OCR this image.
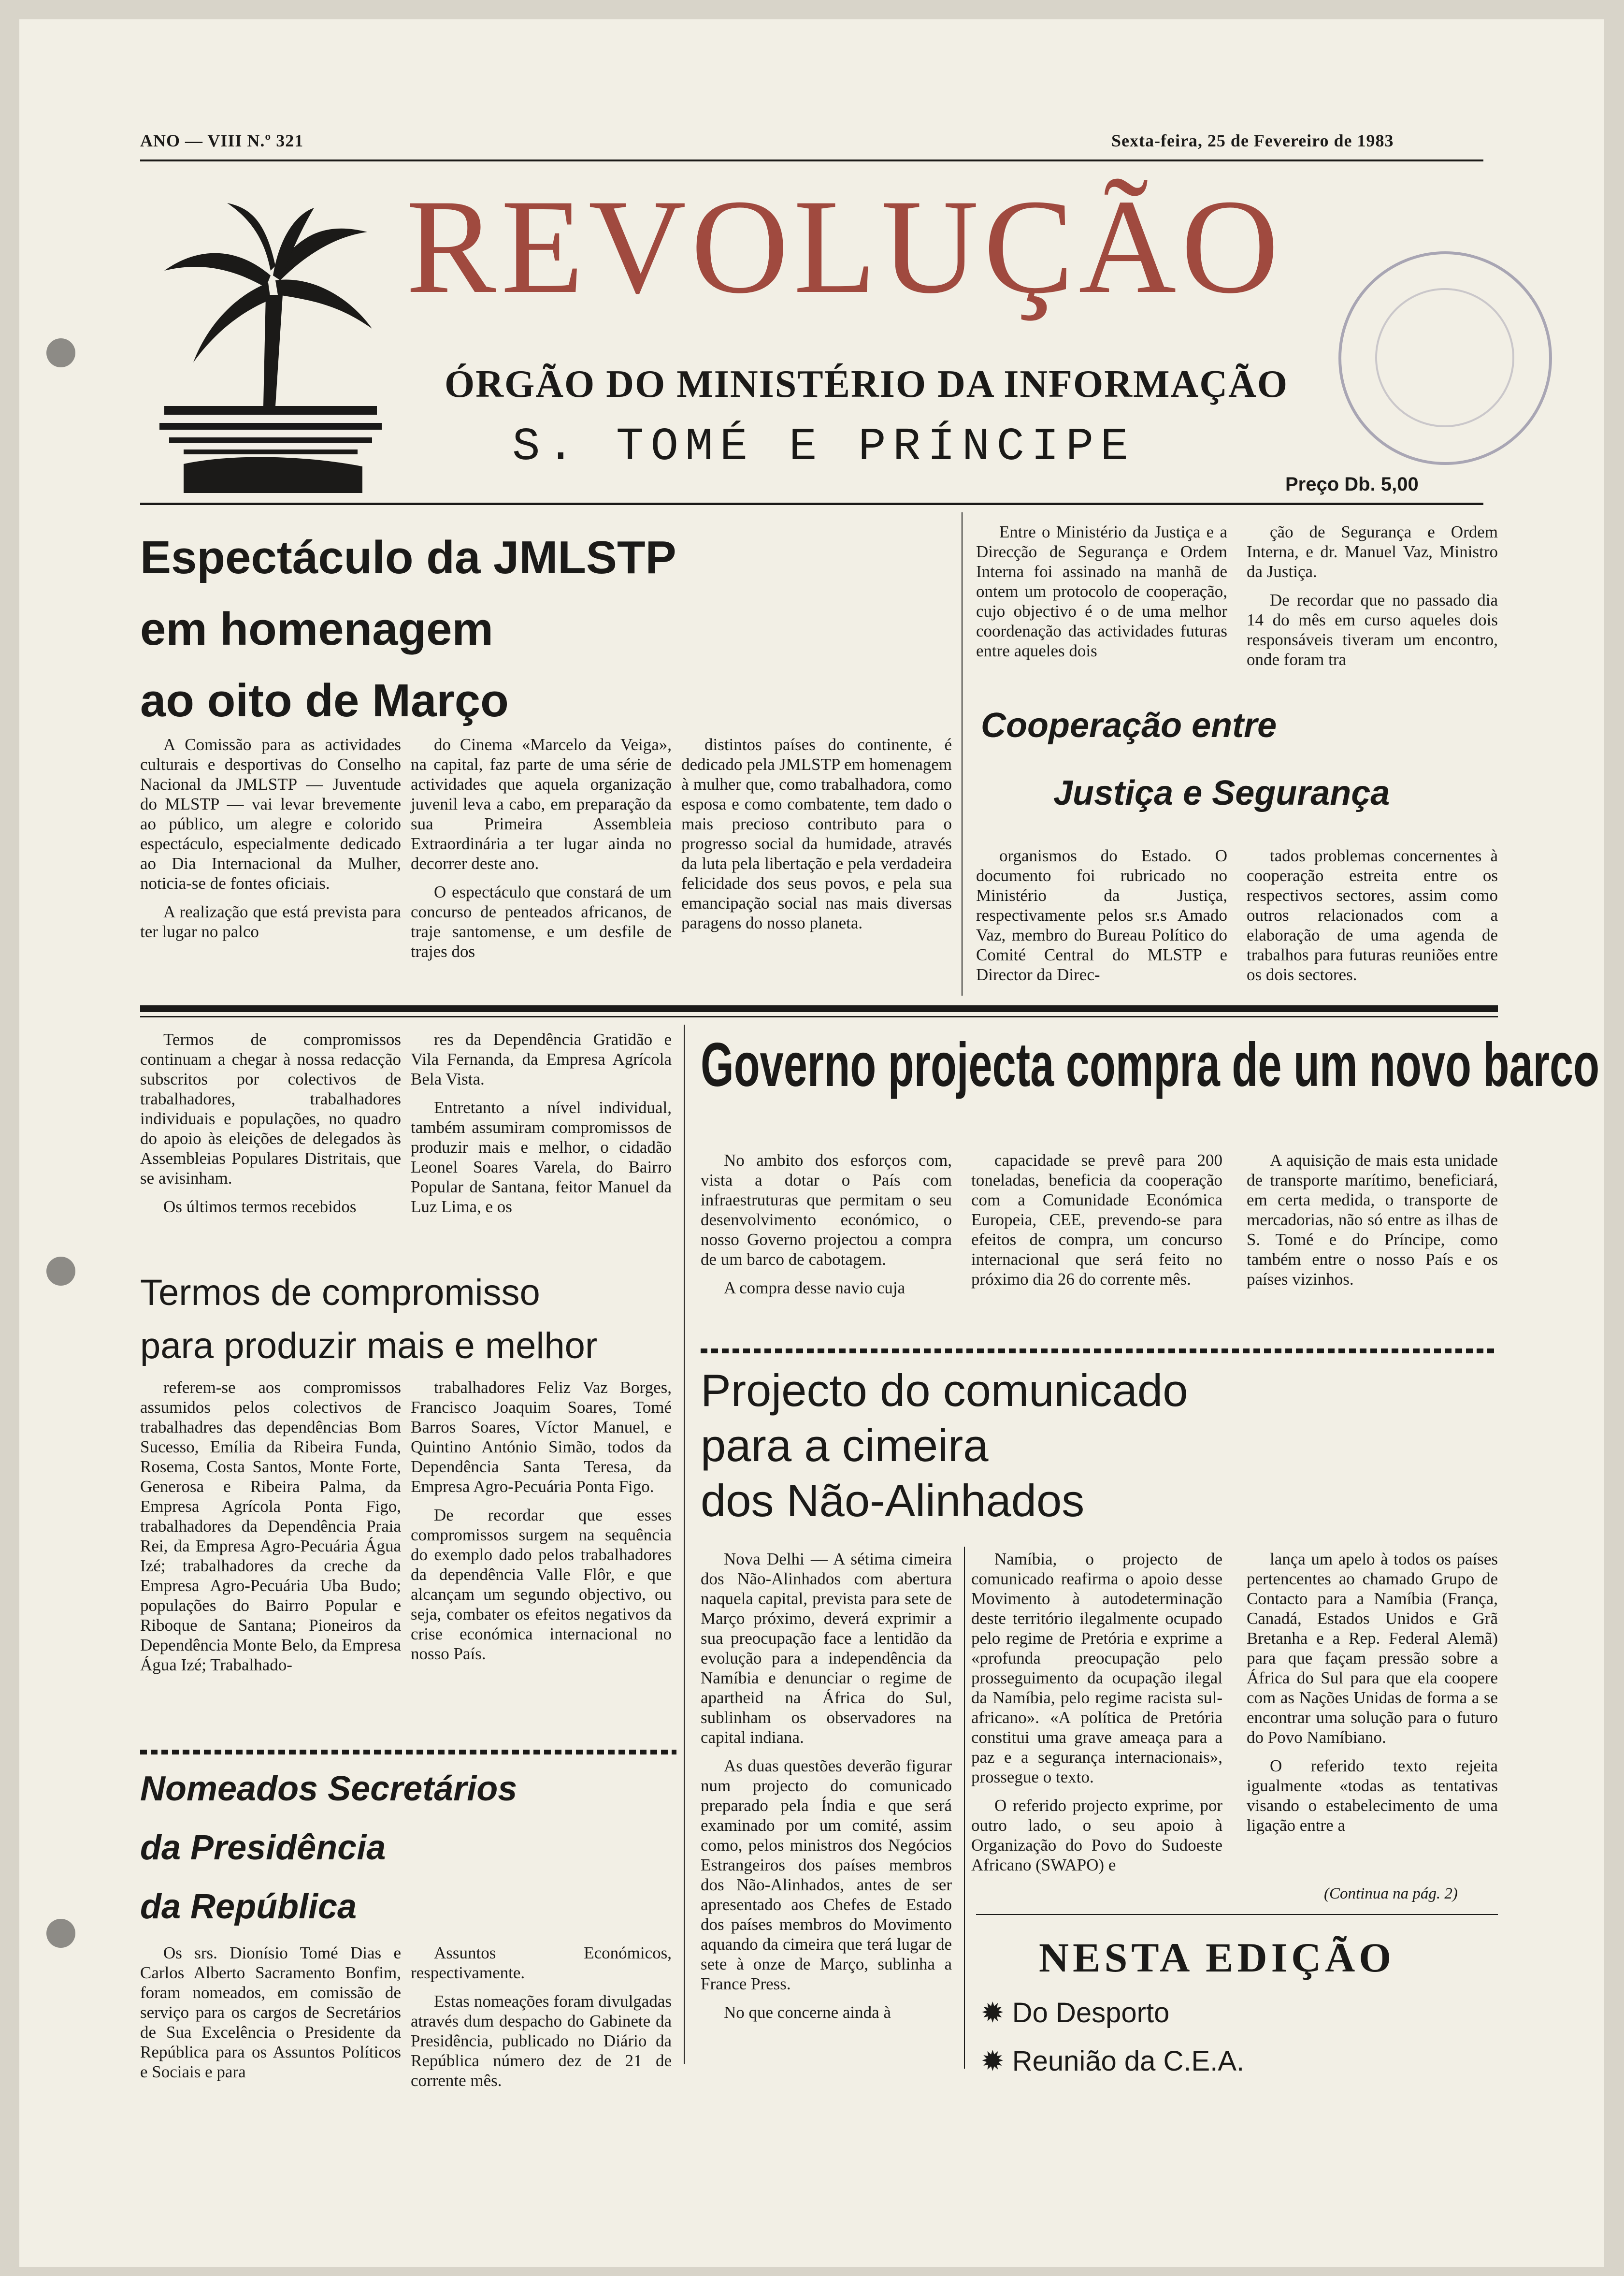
ANO — VIII N.º 321	Sexta-feira, 25 de Fevereiro de 1983
REVOLUÇÃO
ÓRGÃO DO MINISTÉRIO DA INFORMAÇÃO
S. TOMÉ E PRÍNCIPE
Preço Db. 5,00
Espectáculo da JMLSTP
em homenagem
ao oito de Março

A Comissão para as actividades culturais e desportivas do Conselho Nacional da JMLSTP — Juventude do MLSTP — vai levar brevemente ao público, um alegre e colorido espectáculo, especialmente dedicado ao Dia Internacional da Mulher, noticia-se de fontes oficiais.

A realização que está prevista para ter lugar no palco

do Cinema «Marcelo da Veiga», na capital, faz parte de uma série de actividades que aquela organização juvenil leva a cabo, em preparação da sua Primeira Assembleia Extraordinária a ter lugar ainda no decorrer deste ano.

O espectáculo que constará de um concurso de penteados africanos, de traje santomense, e um desfile de trajes dos

distintos países do continente, é dedicado pela JMLSTP em homenagem à mulher que, como trabalhadora, como esposa e como combatente, tem dado o mais precioso contributo para o progresso social da humidade, através da luta pela libertação e pela verdadeira felicidade dos seus povos, e pela sua emancipação social nas mais diversas paragens do nosso planeta.

Entre o Ministério da Justiça e a Direcção de Segurança e Ordem Interna foi assinado na manhã de ontem um protocolo de cooperação, cujo objectivo é o de uma melhor coordenação das actividades futuras entre aqueles dois

ção de Segurança e Ordem Interna, e dr. Manuel Vaz, Ministro da Justiça.

De recordar que no passado dia 14 do mês em curso aqueles dois responsáveis tiveram um encontro, onde foram tra

Cooperação entre
Justiça e Segurança

organismos do Estado. O documento foi rubricado no Ministério da Justiça, respectivamente pelos sr.s Amado Vaz, membro do Bureau Político do Comité Central do MLSTP e Director da Direc-

tados problemas concernentes à cooperação estreita entre os respectivos sectores, assim como outros relacionados com a elaboração de uma agenda de trabalhos para futuras reuniões entre os dois sectores.

Termos de compromissos continuam a chegar à nossa redacção subscritos por colectivos de trabalhadores, trabalhadores individuais e populações, no quadro do apoio às eleições de delegados às Assembleias Populares Distritais, que se avisinham.

Os últimos termos recebidos

res da Dependência Gratidão e Vila Fernanda, da Empresa Agrícola Bela Vista.

Entretanto a nível individual, também assumiram compromissos de produzir mais e melhor, o cidadão Leonel Soares Varela, do Bairro Popular de Santana, feitor Manuel da Luz Lima, e os

Termos de compromisso
para produzir mais e melhor

referem-se aos compromissos assumidos pelos colectivos de trabalhadres das dependências Bom Sucesso, Emília da Ribeira Funda, Rosema, Costa Santos, Monte Forte, Generosa e Ribeira Palma, da Empresa Agrícola Ponta Figo, trabalhadores da Dependência Praia Rei, da Empresa Agro-Pecuária Água Izé; trabalhadores da creche da Empresa Agro-Pecuária Uba Budo; populações do Bairro Popular e Riboque de Santana; Pioneiros da Dependência Monte Belo, da Empresa Água Izé; Trabalhado-

trabalhadores Feliz Vaz Borges, Francisco Joaquim Soares, Tomé Barros Soares, Víctor Manuel, e Quintino António Simão, todos da Dependência Santa Teresa, da Empresa Agro-Pecuária Ponta Figo.

De recordar que esses compromissos surgem na sequência do exemplo dado pelos trabalhadores da dependência Valle Flôr, e que alcançam um segundo objectivo, ou seja, combater os efeitos negativos da crise económica internacional no nosso País.

Governo projecta compra de um novo barco

No ambito dos esforços com, vista a dotar o País com infraestruturas que permitam o seu desenvolvimento económico, o nosso Governo projectou a compra de um barco de cabotagem.

A compra desse navio cuja

capacidade se prevê para 200 toneladas, beneficia da cooperação com a Comunidade Económica Europeia, CEE, prevendo-se para efeitos de compra, um concurso internacional que será feito no próximo dia 26 do corrente mês.

A aquisição de mais esta unidade de transporte marítimo, beneficiará, em certa medida, o transporte de mercadorias, não só entre as ilhas de S. Tomé e do Príncipe, como também entre o nosso País e os países vizinhos.

Projecto do comunicado
para a cimeira
dos Não-Alinhados

Nova Delhi — A sétima cimeira dos Não-Alinhados com abertura naquela capital, prevista para sete de Março próximo, deverá exprimir a sua preocupação face a lentidão da evolução para a independência da Namíbia e denunciar o regime de apartheid na África do Sul, sublinham os observadores na capital indiana.

As duas questões deverão figurar num projecto do comunicado preparado pela Índia e que será examinado por um comité, assim como, pelos ministros dos Negócios Estrangeiros dos países membros dos Não-Alinhados, antes de ser apresentado aos Chefes de Estado dos países membros do Movimento aquando da cimeira que terá lugar de sete à onze de Março, sublinha a France Press.

No que concerne ainda à

Namíbia, o projecto de comunicado reafirma o apoio desse Movimento à autodeterminação deste território ilegalmente ocupado pelo regime de Pretória e exprime a «profunda preocupação pelo prosseguimento da ocupação ilegal da Namíbia, pelo regime racista sul-africano». «A política de Pretória constitui uma grave ameaça para a paz e a segurança internacionais», prossegue o texto.

O referido projecto exprime, por outro lado, o seu apoio à Organização do Povo do Sudoeste Africano (SWAPO) e

lança um apelo à todos os países pertencentes ao chamado Grupo de Contacto para a Namíbia (França, Canadá, Estados Unidos e Grã Bretanha e a Rep. Federal Alemã) para que façam pressão sobre a África do Sul para que ela coopere com as Nações Unidas de forma a se encontrar uma solução para o futuro do Povo Namíbiano.

O referido texto rejeita igualmente «todas as tentativas visando o estabelecimento de uma ligação entre a

(Continua na pág. 2)
NESTA EDIÇÃO
✹ Do Desporto
✹ Reunião da C.E.A.
Nomeados Secretários
da Presidência
da República

Os srs. Dionísio Tomé Dias e Carlos Alberto Sacramento Bonfim, foram nomeados, em comissão de serviço para os cargos de Secretários de Sua Excelência o Presidente da República para os Assuntos Políticos e Sociais e para

Assuntos Económicos, respectivamente.

Estas nomeações foram divulgadas através dum despacho do Gabinete da Presidência, publicado no Diário da República número dez de 21 de corrente mês.
